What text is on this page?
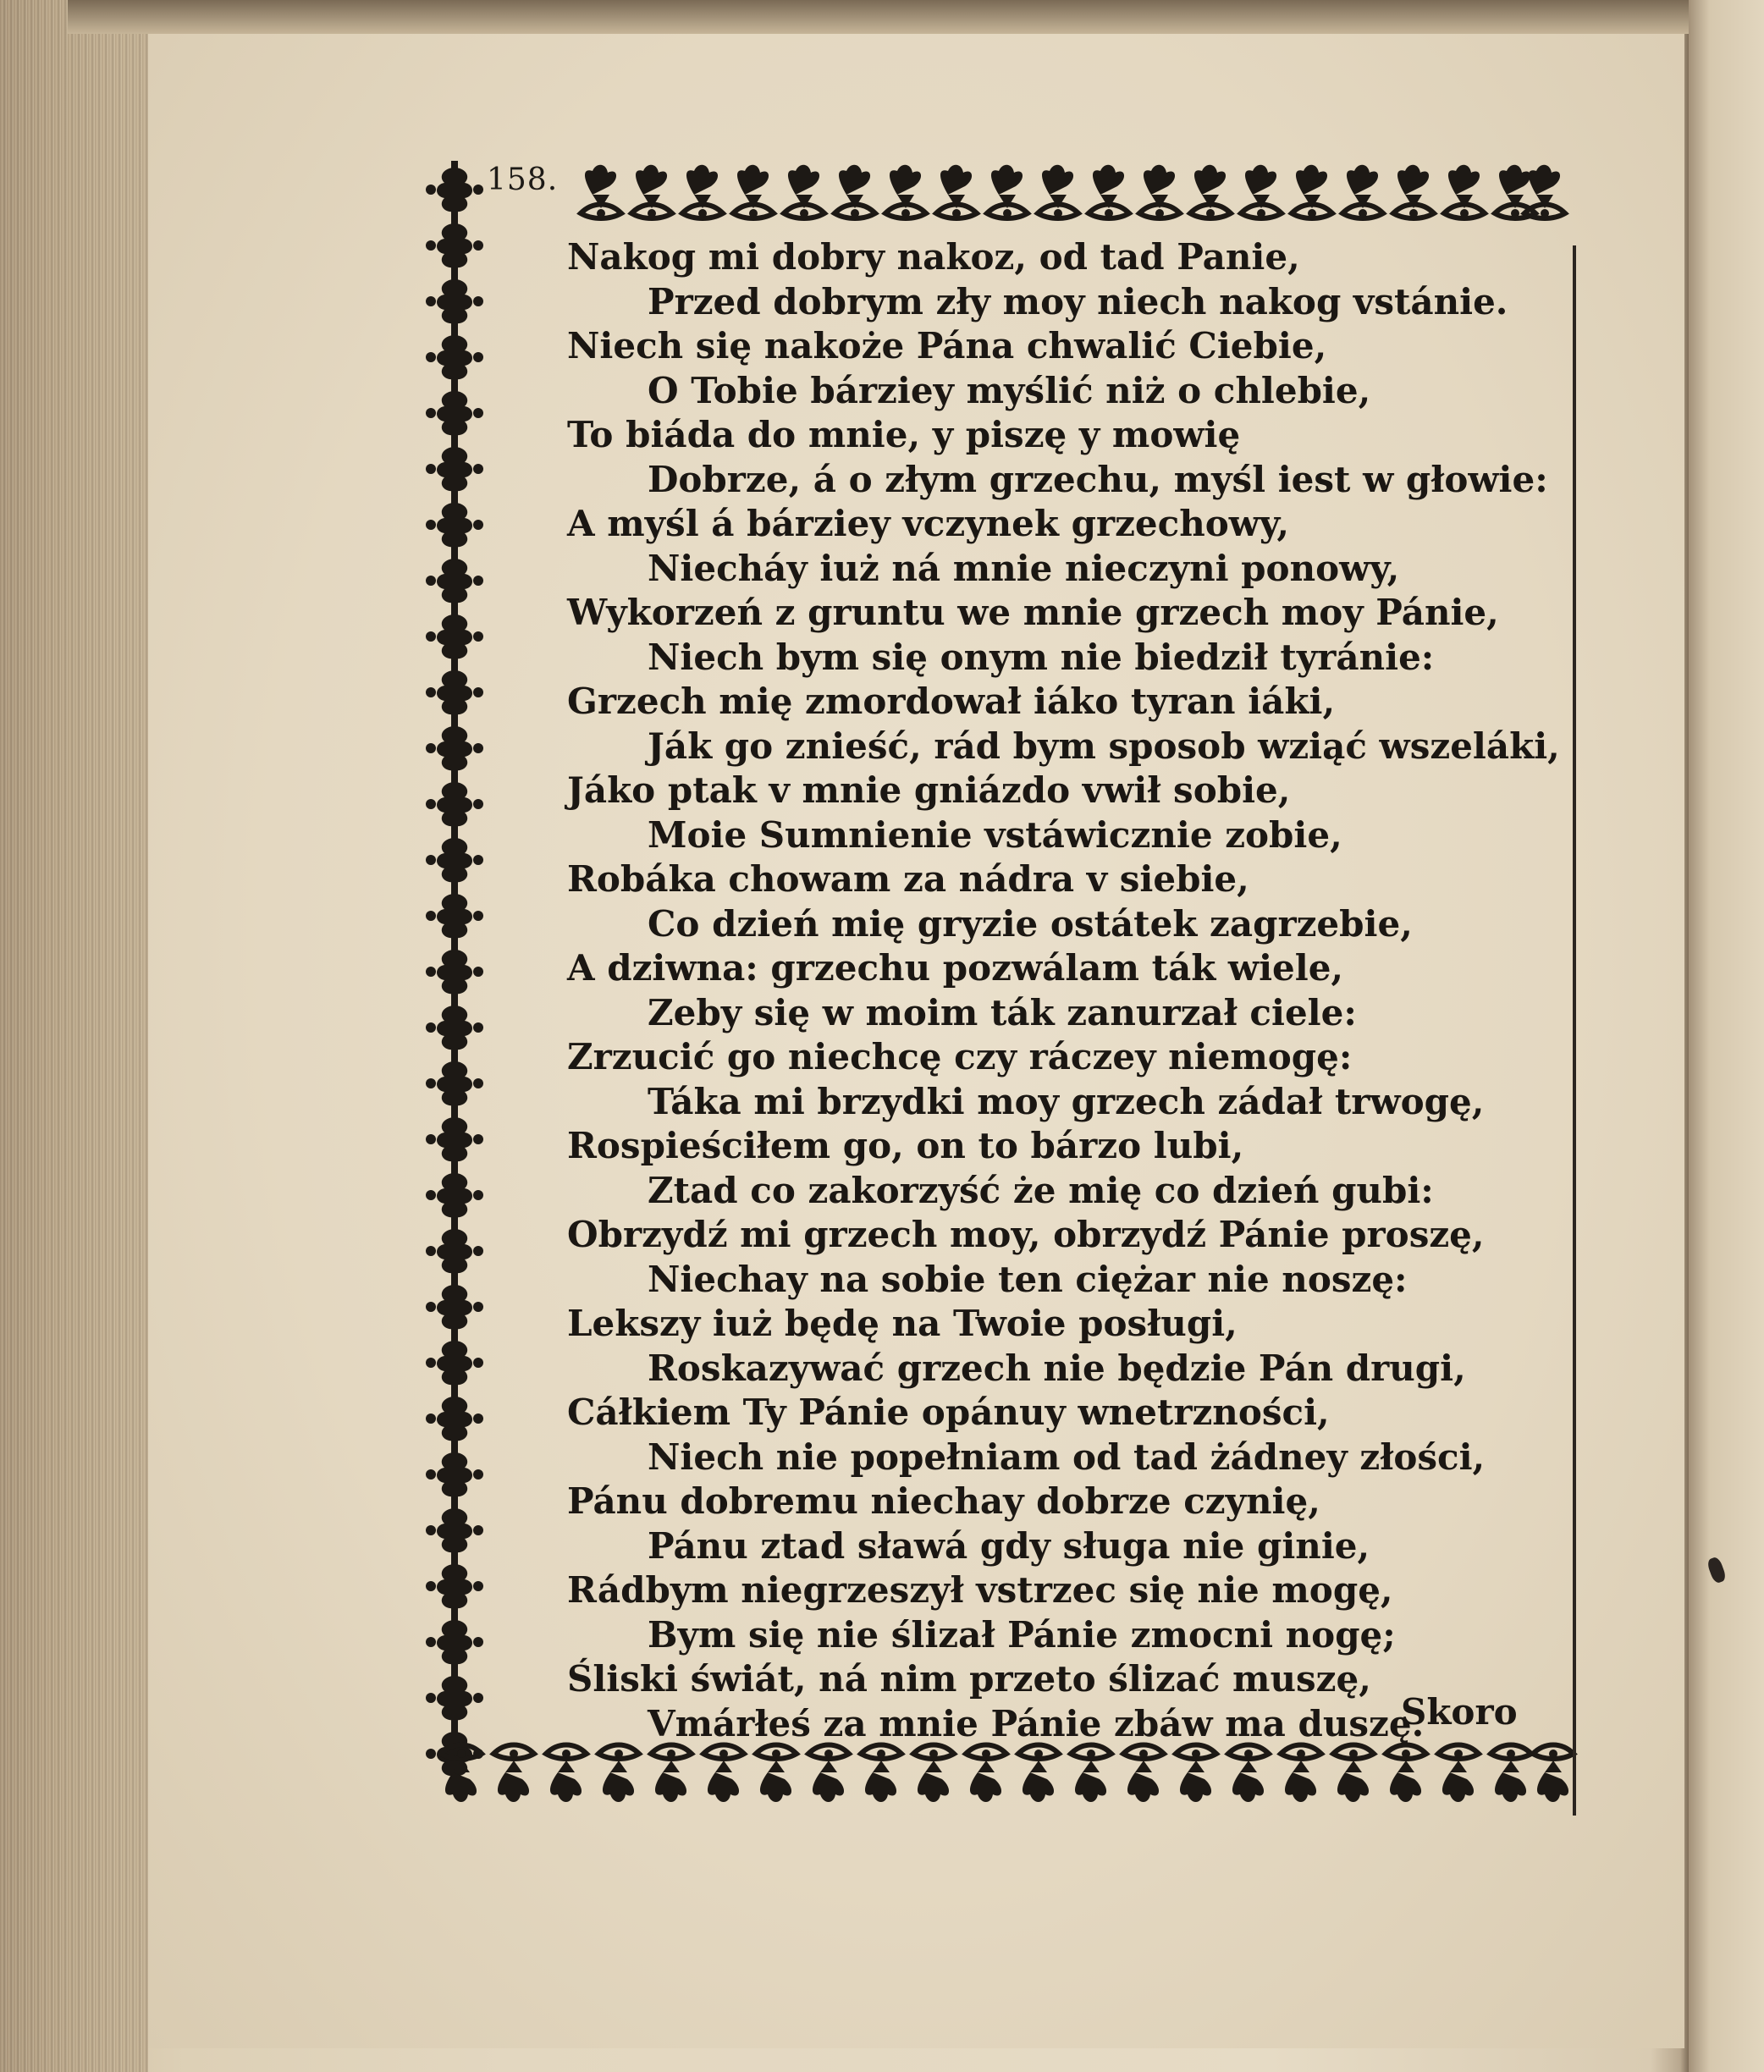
158.
Nakog mi dobry nakoz, od tad Panie,
Przed dobrym zły moy niech nakog vstánie.
Niech się nakoże Pána chwalić Ciebie,
O Tobie bárziey myślić niż o chlebie,
To biáda do mnie, y piszę y mowię
Dobrze, á o złym grzechu, myśl iest w głowie:
A myśl á bárziey vczynek grzechowy,
Niecháy iuż ná mnie nieczyni ponowy,
Wykorzeń z gruntu we mnie grzech moy Pánie,
Niech bym się onym nie biedził tyránie:
Grzech mię zmordował iáko tyran iáki,
Ják go znieść, rád bym sposob wziąć wszeláki,
Jáko ptak v mnie gniázdo vwił sobie,
Moie Sumnienie vstáwicznie zobie,
Robáka chowam za nádra v siebie,
Co dzień mię gryzie ostátek zagrzebie,
A dziwna: grzechu pozwálam ták wiele,
Zeby się w moim ták zanurzał ciele:
Zrzucić go niechcę czy ráczey niemogę:
Táka mi brzydki moy grzech zádał trwogę,
Rospieściłem go, on to bárzo lubi,
Ztad co zakorzyść że mię co dzień gubi:
Obrzydź mi grzech moy, obrzydź Pánie proszę,
Niechay na sobie ten ciężar nie noszę:
Lekszy iuż będę na Twoie posługi,
Roskazywać grzech nie będzie Pán drugi,
Cáłkiem Ty Pánie opánuy wnetrzności,
Niech nie popełniam od tad żádney złości,
Pánu dobremu niechay dobrze czynię,
Pánu ztad sławá gdy sługa nie ginie,
Rádbym niegrzeszył vstrzec się nie mogę,
Bym się nie ślizał Pánie zmocni nogę;
Śliski świát, ná nim przeto ślizać muszę,
Vmárłeś za mnie Pánie zbáw ma duszę.
Skoro
